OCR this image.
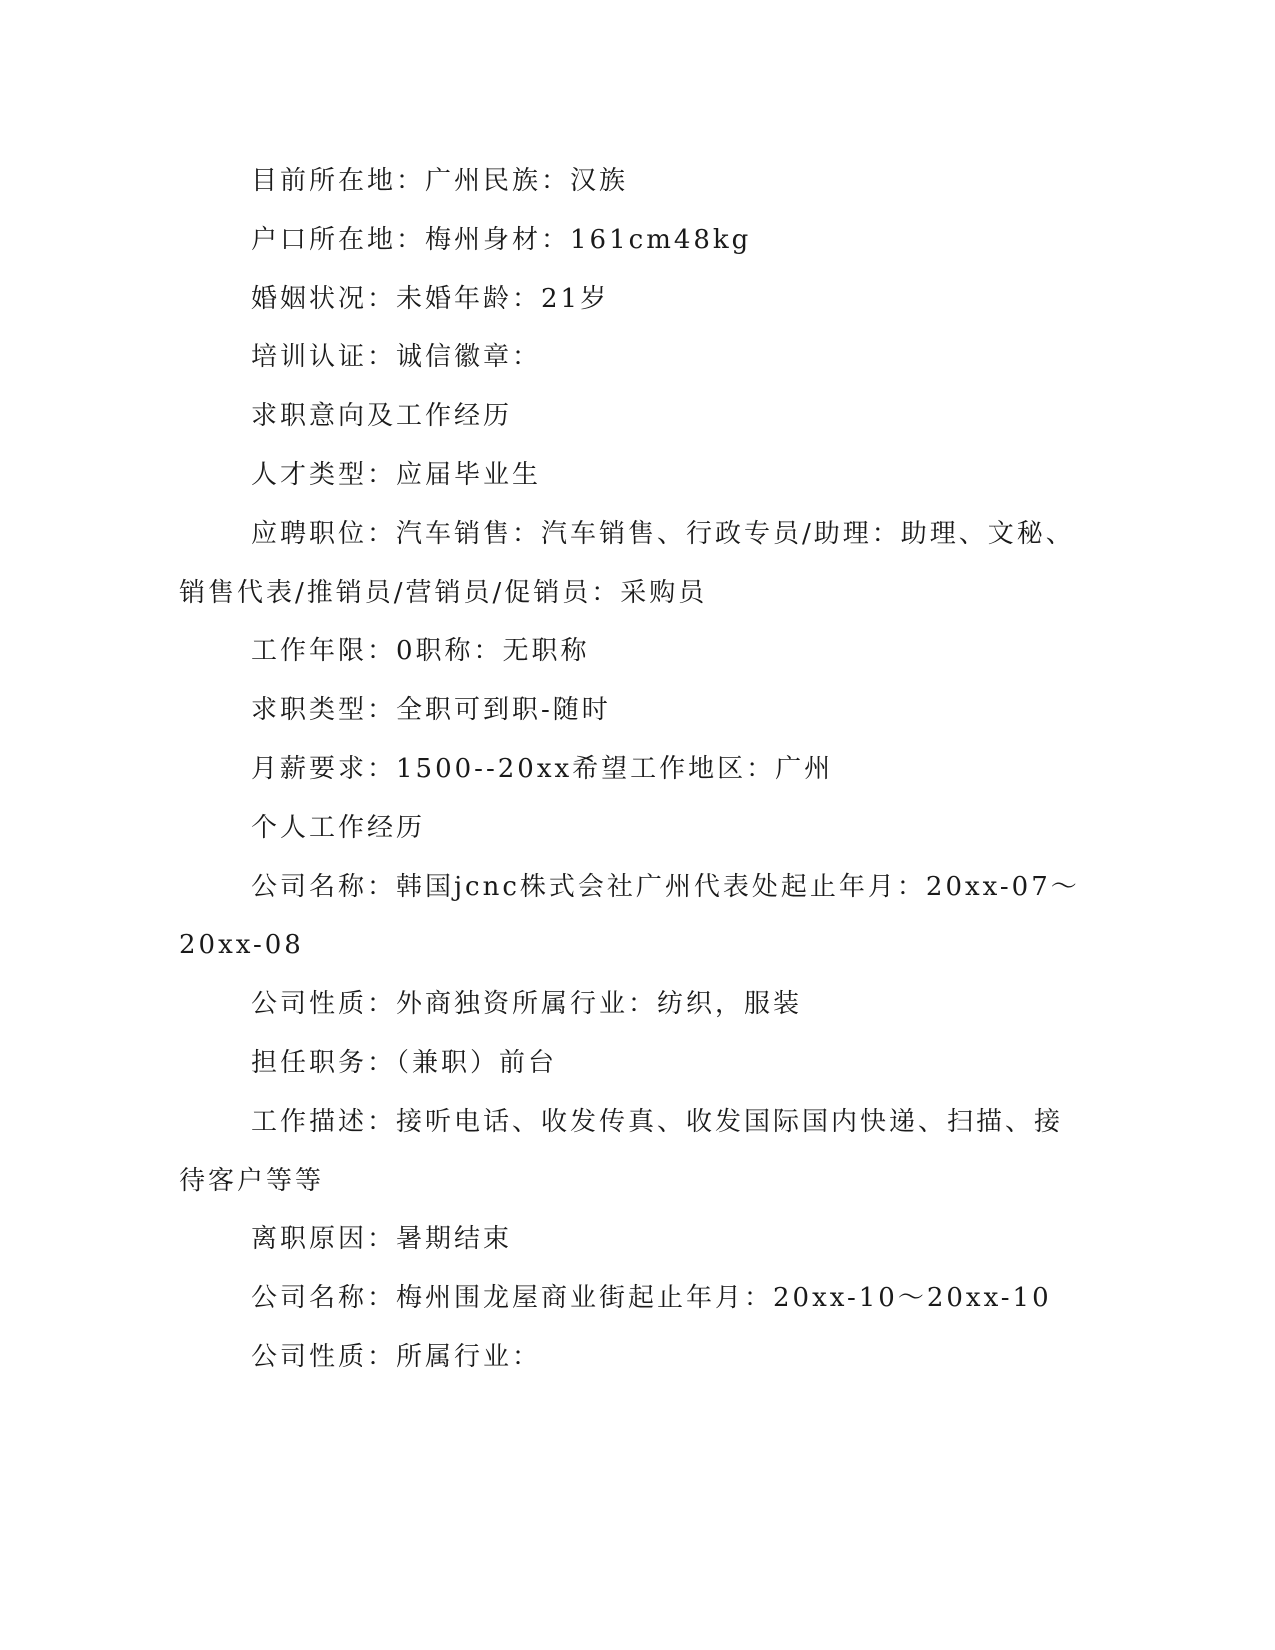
目前所在地：广州民族：汉族
户口所在地：梅州身材：161cm48kg
婚姻状况：未婚年龄：21岁
培训认证：诚信徽章：
求职意向及工作经历
人才类型：应届毕业生
应聘职位：汽车销售：汽车销售、行政专员/助理：助理、文秘、
销售代表/推销员/营销员/促销员：采购员
工作年限：0职称：无职称
求职类型：全职可到职-随时
月薪要求：1500--20xx希望工作地区：广州
个人工作经历
公司名称：韩国jcnc株式会社广州代表处起止年月：20xx-07～
20xx-08
公司性质：外商独资所属行业：纺织，服装
担任职务：（兼职）前台
工作描述：接听电话、收发传真、收发国际国内快递、扫描、接
待客户等等
离职原因：暑期结束
公司名称：梅州围龙屋商业街起止年月：20xx-10～20xx-10
公司性质：所属行业：
